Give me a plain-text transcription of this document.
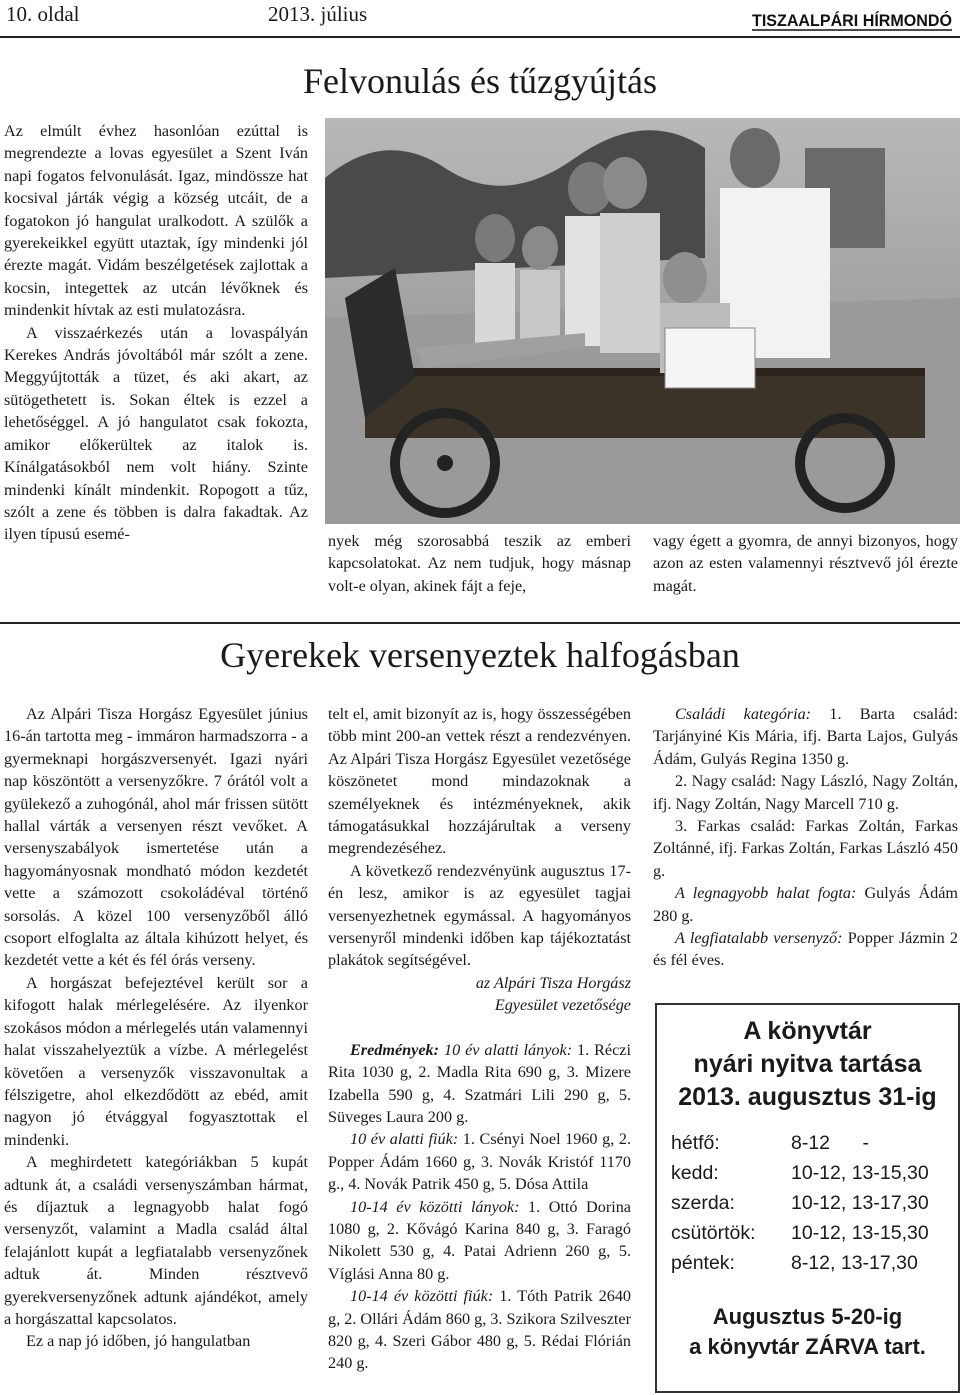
10. oldal	2013. július	TISZAALPÁRI HÍRMONDÓ
Felvonulás és tűzgyújtás

Az elmúlt évhez hasonlóan ezúttal is megrendezte a lovas egyesület a Szent Iván napi fogatos felvonulását. Igaz, mindössze hat kocsival járták végig a község utcáit, de a fogatokon jó hangulat uralkodott. A szülők a gyerekeikkel együtt utaztak, így mindenki jól érezte magát. Vidám beszélgetések zajlottak a kocsin, integettek az utcán lévőknek és mindenkit hívtak az esti mulatozásra.

A visszaérkezés után a lovaspályán Kerekes András jóvoltából már szólt a zene. Meggyújtották a tüzet, és aki akart, az sütögethetett is. Sokan éltek is ezzel a lehetőséggel. A jó hangulatot csak fokozta, amikor előkerültek az italok is. Kínálgatásokból nem volt hiány. Szinte mindenki kínált mindenkit. Ropogott a tűz, szólt a zene és többen is dalra fakadtak. Az ilyen típusú esemé-	nyek még szorosabbá teszik az emberi kapcsolatokat. Az nem tudjuk, hogy másnap volt-e olyan, akinek fájt a feje,

vagy égett a gyomra, de annyi bizonyos, hogy azon az esten valamennyi résztvevő jól érezte magát.

Gyerekek versenyeztek halfogásban

Az Alpári Tisza Horgász Egyesület június 16-án tartotta meg - immáron harmadszorra - a gyermeknapi horgászversenyét. Igazi nyári nap köszöntött a versenyzőkre. 7 órától volt a gyülekező a zuhogónál, ahol már frissen sütött hallal várták a versenyen részt vevőket. A versenyszabályok ismertetése után a hagyományosnak mondható módon kezdetét vette a számozott csokoládéval történő sorsolás. A közel 100 versenyzőből álló csoport elfoglalta az általa kihúzott helyet, és kezdetét vette a két és fél órás verseny.

A horgászat befejeztével került sor a kifogott halak mérlegelésére. Az ilyenkor szokásos módon a mérlegelés után valamennyi halat visszahelyeztük a vízbe. A mérlegelést követően a versenyzők visszavonultak a félszigetre, ahol elkezdődött az ebéd, amit nagyon jó étvággyal fogyasztottak el mindenki.

A meghirdetett kategóriákban 5 kupát adtunk át, a családi versenyszámban hármat, és díjaztuk a legnagyobb halat fogó versenyzőt, valamint a Madla család által felajánlott kupát a legfiatalabb versenyzőnek adtuk át. Minden résztvevő gyerekversenyzőnek adtunk ajándékot, amely a horgászattal kapcsolatos.

Ez a nap jó időben, jó hangulatban

telt el, amit bizonyít az is, hogy összességében több mint 200-an vettek részt a rendezvényen. Az Alpári Tisza Horgász Egyesület vezetősége köszönetet mond mindazoknak a személyeknek és intézményeknek, akik támogatásukkal hozzájárultak a verseny megrendezéséhez.

A következő rendezvényünk augusztus 17-én lesz, amikor is az egyesület tagjai versenyezhetnek egymással. A hagyományos versenyről mindenki időben kap tájékoztatást plakátok segítségével.

az Alpári Tisza Horgász
Egyesület vezetősége

Eredmények: 10 év alatti lányok: 1. Réczi Rita 1030 g, 2. Madla Rita 690 g, 3. Mizere Izabella 590 g, 4. Szatmári Lili 290 g, 5. Süveges Laura 200 g.

10 év alatti fiúk: 1. Csényi Noel 1960 g, 2. Popper Ádám 1660 g, 3. Novák Kristóf 1170 g., 4. Novák Patrik 450 g, 5. Dósa Attila

10-14 év közötti lányok: 1. Ottó Dorina 1080 g, 2. Kővágó Karina 840 g, 3. Faragó Nikolett 530 g, 4. Patai Adrienn 260 g, 5. Víglási Anna 80 g.

10-14 év közötti fiúk: 1. Tóth Patrik 2640 g, 2. Ollári Ádám 860 g, 3. Szikora Szilveszter 820 g, 4. Szeri Gábor 480 g, 5. Rédai Flórián 240 g.

Családi kategória: 1. Barta család: Tarjányiné Kis Mária, ifj. Barta Lajos, Gulyás Ádám, Gulyás Regina 1350 g.

2. Nagy család: Nagy László, Nagy Zoltán, ifj. Nagy Zoltán, Nagy Marcell 710 g.

3. Farkas család: Farkas Zoltán, Farkas Zoltánné, ifj. Farkas Zoltán, Farkas László 450 g.

A legnagyobb halat fogta: Gulyás Ádám 280 g.

A legfiatalabb versenyző: Popper Jázmin 2 és fél éves.

A könyvtár
nyári nyitva tartása
2013. augusztus 31-ig
hétfő:	8-12      -
kedd:	10-12, 13-15,30
szerda:	10-12, 13-17,30
csütörtök:	10-12, 13-15,30
péntek:	8-12, 13-17,30
Augusztus 5-20-ig
a könyvtár ZÁRVA tart.
